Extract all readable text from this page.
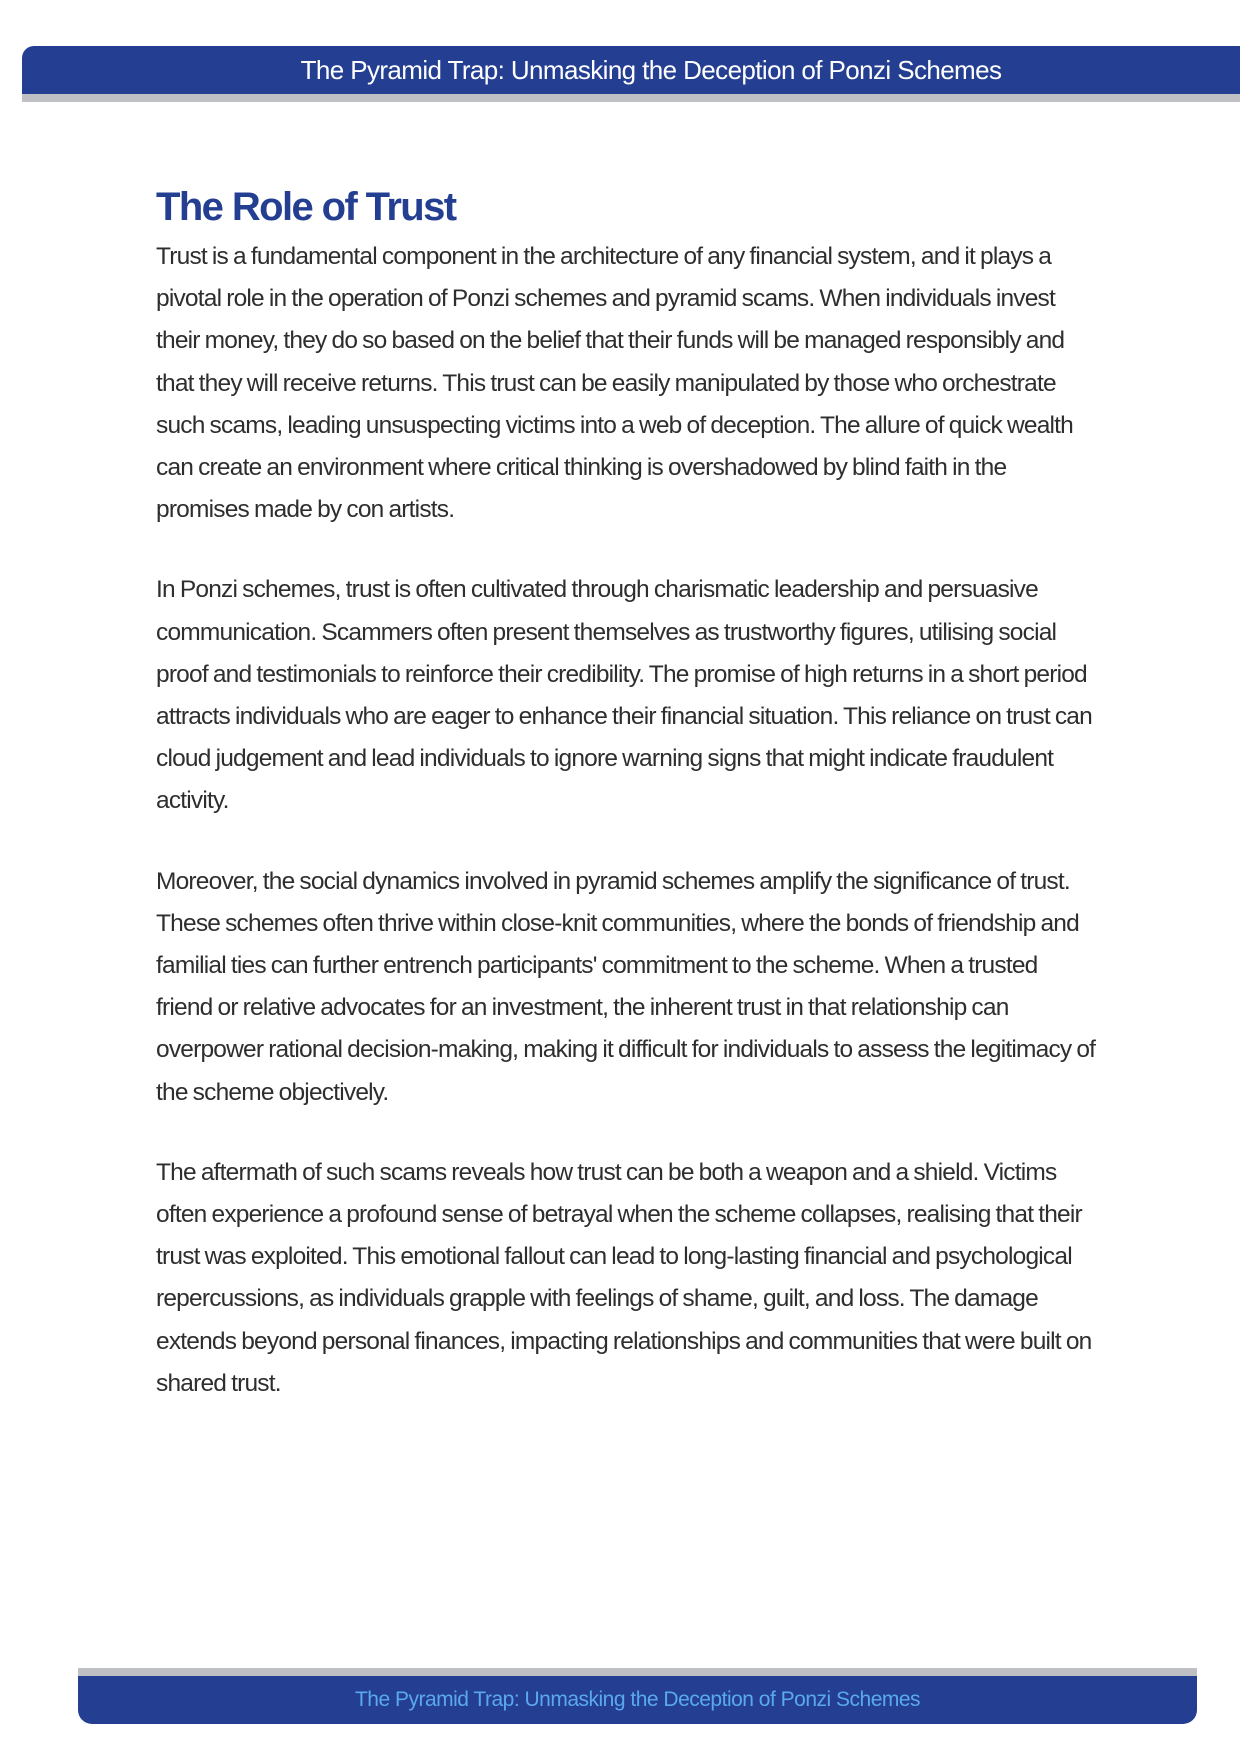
The Pyramid Trap: Unmasking the Deception of Ponzi Schemes
The Role of Trust

Trust is a fundamental component in the architecture of any financial system, and it plays a pivotal role in the operation of Ponzi schemes and pyramid scams. When individuals invest their money, they do so based on the belief that their funds will be managed responsibly and that they will receive returns. This trust can be easily manipulated by those who orchestrate such scams, leading unsuspecting victims into a web of deception. The allure of quick wealth can create an environment where critical thinking is overshadowed by blind faith in the promises made by con artists.

In Ponzi schemes, trust is often cultivated through charismatic leadership and persuasive communication. Scammers often present themselves as trustworthy figures, utilising social proof and testimonials to reinforce their credibility. The promise of high returns in a short period attracts individuals who are eager to enhance their financial situation. This reliance on trust can cloud judgement and lead individuals to ignore warning signs that might indicate fraudulent activity.

Moreover, the social dynamics involved in pyramid schemes amplify the significance of trust. These schemes often thrive within close-knit communities, where the bonds of friendship and familial ties can further entrench participants' commitment to the scheme. When a trusted friend or relative advocates for an investment, the inherent trust in that relationship can overpower rational decision-making, making it difficult for individuals to assess the legitimacy of the scheme objectively.

The aftermath of such scams reveals how trust can be both a weapon and a shield. Victims often experience a profound sense of betrayal when the scheme collapses, realising that their trust was exploited. This emotional fallout can lead to long-lasting financial and psychological repercussions, as individuals grapple with feelings of shame, guilt, and loss. The damage extends beyond personal finances, impacting relationships and communities that were built on shared trust.

The Pyramid Trap: Unmasking the Deception of Ponzi Schemes
